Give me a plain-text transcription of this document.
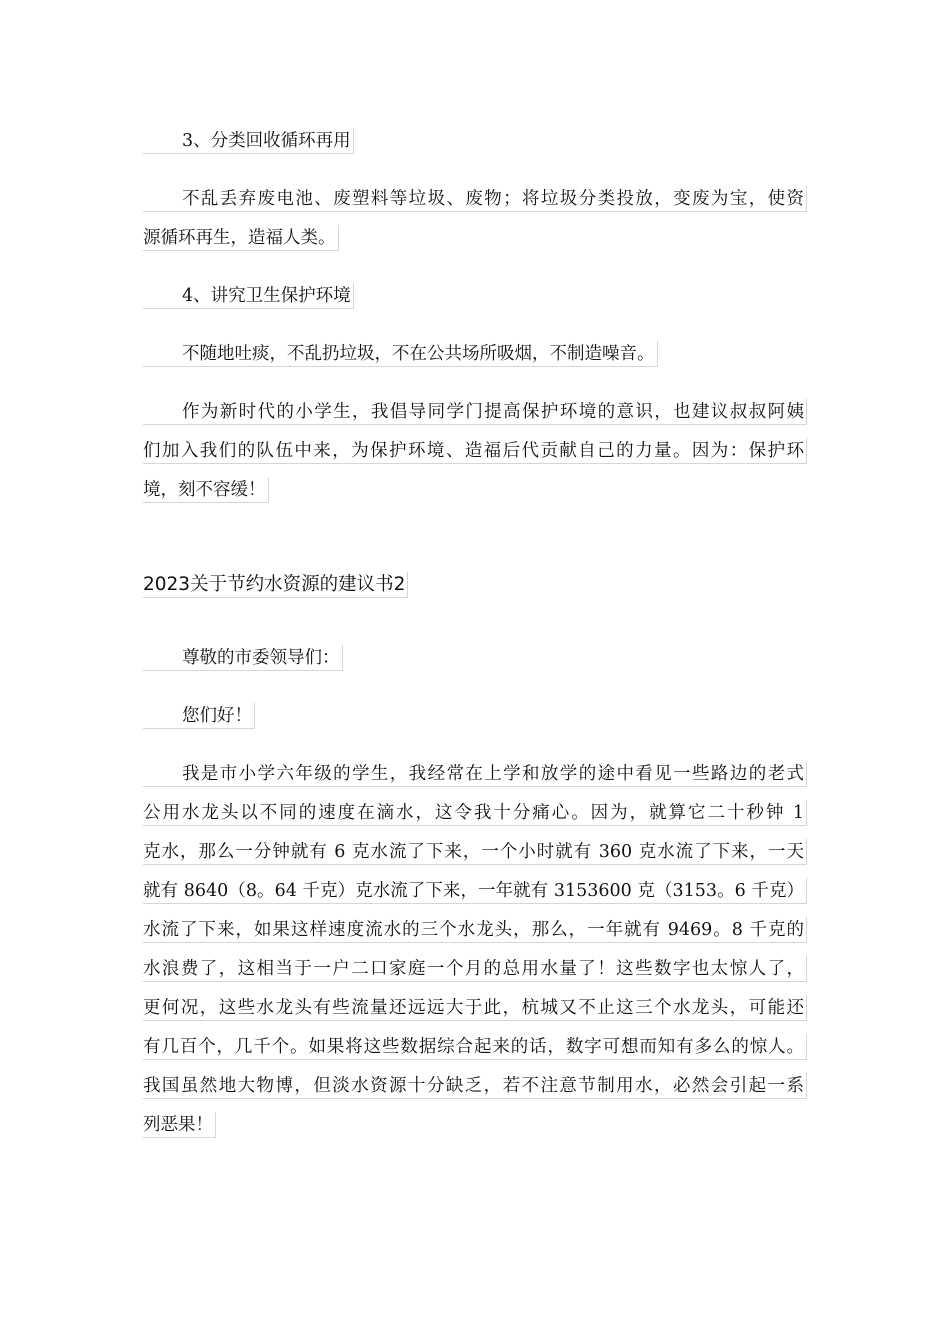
3、分类回收循环再用
不乱丢弃废电池、废塑料等垃圾、废物；将垃圾分类投放，变废为宝，使资
源循环再生，造福人类。
4、讲究卫生保护环境
不随地吐痰，不乱扔垃圾，不在公共场所吸烟，不制造噪音。
作为新时代的小学生，我倡导同学门提高保护环境的意识，也建议叔叔阿姨
们加入我们的队伍中来，为保护环境、造福后代贡献自己的力量。因为：保护环
境，刻不容缓！
2023关于节约水资源的建议书2
尊敬的市委领导们：
您们好！
我是市小学六年级的学生，我经常在上学和放学的途中看见一些路边的老式
公用水龙头以不同的速度在滴水，这令我十分痛心。因为，就算它二十秒钟 1
克水，那么一分钟就有 6 克水流了下来，一个小时就有 360 克水流了下来，一天
就有 8640（8。64 千克）克水流了下来，一年就有 3153600 克（3153。6 千克）
水流了下来，如果这样速度流水的三个水龙头，那么，一年就有 9469。8 千克的
水浪费了，这相当于一户二口家庭一个月的总用水量了！这些数字也太惊人了，
更何况，这些水龙头有些流量还远远大于此，杭城又不止这三个水龙头，可能还
有几百个，几千个。如果将这些数据综合起来的话，数字可想而知有多么的惊人。
我国虽然地大物博，但淡水资源十分缺乏，若不注意节制用水，必然会引起一系
列恶果！
